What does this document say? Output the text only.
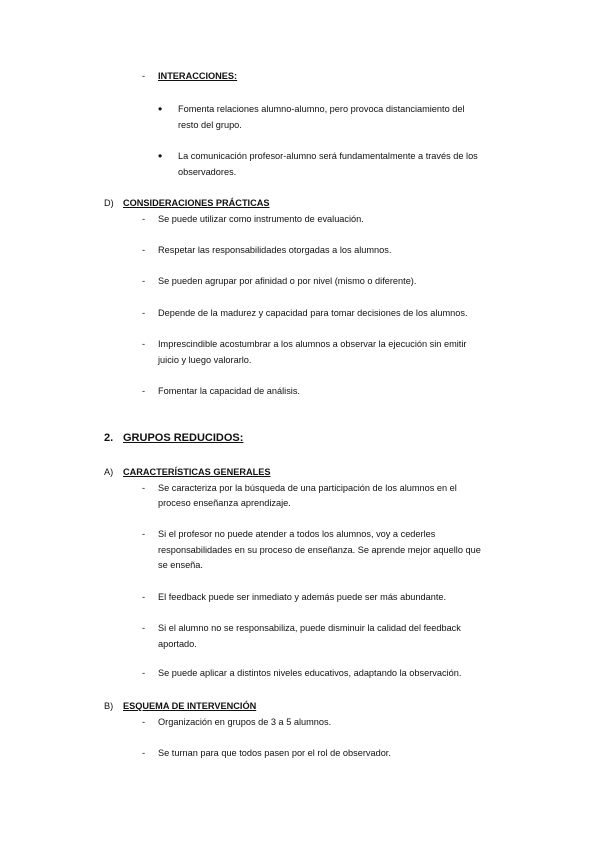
- INTERACCIONES:
• Fomenta relaciones alumno-alumno, pero provoca distanciamiento del
resto del grupo.
• La comunicación profesor-alumno será fundamentalmente a través de los
observadores.
D) CONSIDERACIONES PRÁCTICAS
- Se puede utilizar como instrumento de evaluación.
- Respetar las responsabilidades otorgadas a los alumnos.
- Se pueden agrupar por afinidad o por nivel (mismo o diferente).
- Depende de la madurez y capacidad para tomar decisiones de los alumnos.
- Imprescindible acostumbrar a los alumnos a observar la ejecución sin emitir
juicio y luego valorarlo.
- Fomentar la capacidad de análisis.
2. GRUPOS REDUCIDOS:
A) CARACTERÍSTICAS GENERALES
- Se caracteriza por la búsqueda de una participación de los alumnos en el
proceso enseñanza aprendizaje.
- Si el profesor no puede atender a todos los alumnos, voy a cederles
responsabilidades en su proceso de enseñanza. Se aprende mejor aquello que
se enseña.
- El feedback puede ser inmediato y además puede ser más abundante.
- Si el alumno no se responsabiliza, puede disminuir la calidad del feedback
aportado.
- Se puede aplicar a distintos niveles educativos, adaptando la observación.
B) ESQUEMA DE INTERVENCIÓN
- Organización en grupos de 3 a 5 alumnos.
- Se turnan para que todos pasen por el rol de observador.
